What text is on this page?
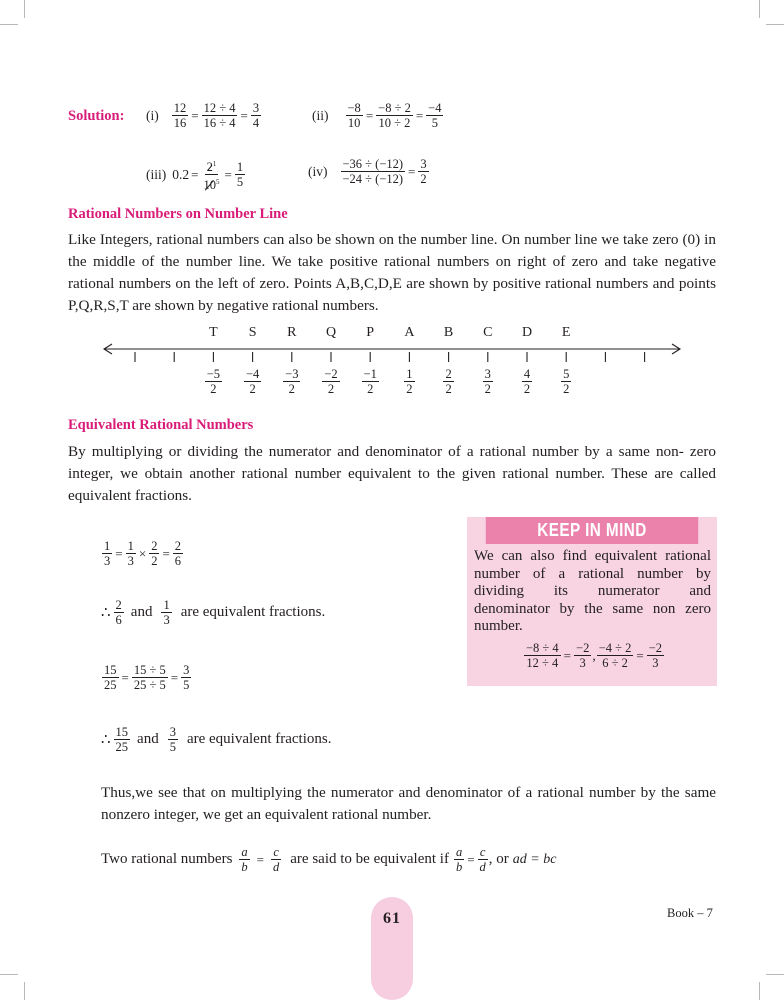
Solution: $(i) \frac{12}{16} = \frac{12 \div 4}{16 \div 4} = \frac{3}{4}$	$(ii) \frac{-8}{10} = \frac{-8 \div 2}{10 \div 2} = \frac{-4}{5}$
(iii) $0.2 = \frac{2^1}{10^5} = \frac{1}{5}$	$(iv) \frac{-36 \div (-12)}{-24 \div (-12)} = \frac{3}{2}$
Rational Numbers on Number Line
Like Integers, rational numbers can also be shown on the number line. On number line we take zero (0) in the middle of the number line. We take positive rational numbers on right of zero and take negative rational numbers on the left of zero. Points A,B,C,D,E are shown by positive rational numbers and points P,Q,R,S,T are shown by negative rational numbers.
T
$\frac{-5}{2}$
S
$\frac{-4}{2}$
R
$\frac{-3}{2}$
Q
$\frac{-2}{2}$
P
$\frac{-1}{2}$
A
$\frac{1}{2}$
B
$\frac{2}{2}$
C
$\frac{3}{2}$
D
$\frac{4}{2}$
E
$\frac{5}{2}$
Equivalent Rational Numbers
By multiplying or dividing the numerator and denominator of a rational number by a same non- zero integer, we obtain another rational number equivalent to the given rational number. These are called equivalent fractions.
$\frac{1}{3} = \frac{1}{3} \times \frac{2}{2} = \frac{2}{6}$
∴ $\frac{2}{6}$ and $\frac{1}{3}$ are equivalent fractions.
$\frac{15}{25} = \frac{15 \div 5}{25 \div 5} = \frac{3}{5}$
∴ $\frac{15}{25}$ and $\frac{3}{5}$ are equivalent fractions.
KEEP IN MIND
We can also find equivalent rational number of a rational number by dividing its numerator and denominator by the same non zero number.
$\frac{-8 \div 4}{12 \div 4} = \frac{-2}{3}$ , $\frac{-4 \div 2}{6 \div 2} = \frac{-2}{3}$
Thus,we see that on multiplying the numerator and denominator of a rational number by the same nonzero integer, we get an equivalent rational number.
Two rational numbers $\frac{a}{b} = \frac{c}{d}$ are said to be equivalent if $\frac{a}{b} = \frac{c}{d}$ , or ad = bc
61	Book – 7
